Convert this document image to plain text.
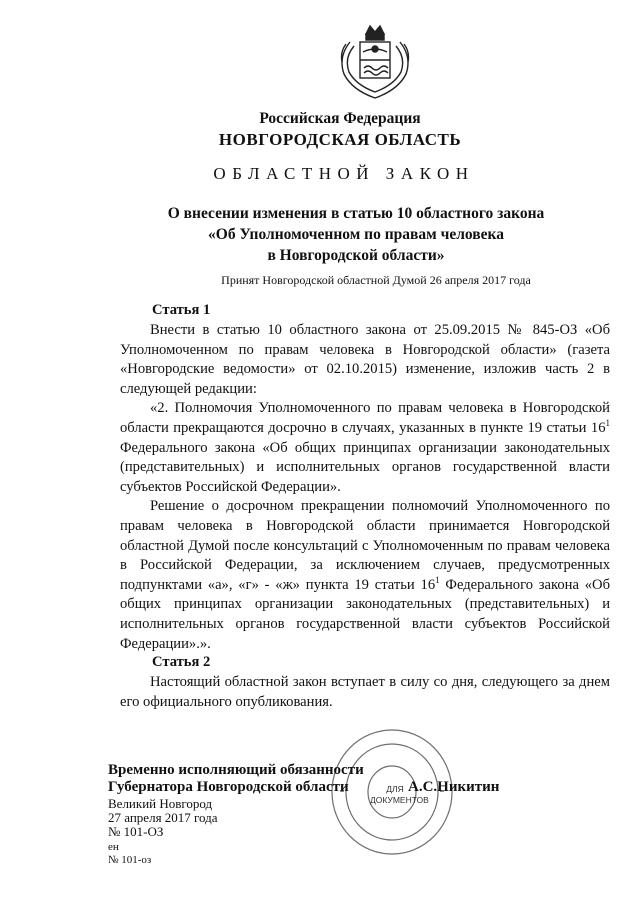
Российская Федерация
НОВГОРОДСКАЯ ОБЛАСТЬ
ОБЛАСТНОЙ ЗАКОН
О внесении изменения в статью 10 областного закона
«Об Уполномоченном по правам человека
в Новгородской области»
Принят Новгородской областной Думой 26 апреля 2017 года
Статья 1

Внести в статью 10 областного закона от 25.09.2015 № 845-ОЗ «Об Уполномоченном по правам человека в Новгородской области» (газета «Новгородские ведомости» от 02.10.2015) изменение, изложив часть 2 в следующей редакции:

«2. Полномочия Уполномоченного по правам человека в Новгородской области прекращаются досрочно в случаях, указанных в пункте 19 статьи $16^1$ Федерального закона «Об общих принципах организации законодательных (представительных) и исполнительных органов государственной власти субъектов Российской Федерации».

Решение о досрочном прекращении полномочий Уполномоченного по правам человека в Новгородской области принимается Новгородской областной Думой после консультаций с Уполномоченным по правам человека в Российской Федерации, за исключением случаев, предусмотренных подпунктами «а», «г» - «ж» пункта 19 статьи $16^1$ Федерального закона «Об общих принципах организации законодательных (представительных) и исполнительных органов государственной власти субъектов Российской Федерации».».

Статья 2

Настоящий областной закон вступает в силу со дня, следующего за днем его официального опубликования.

ДЛЯ
ДОКУМЕНТОВ
Временно исполняющий обязанности
Губернатора Новгородской области	А.С.Никитин
Великий Новгород
27 апреля 2017 года
№ 101-ОЗ
ен
№ 101-оз
